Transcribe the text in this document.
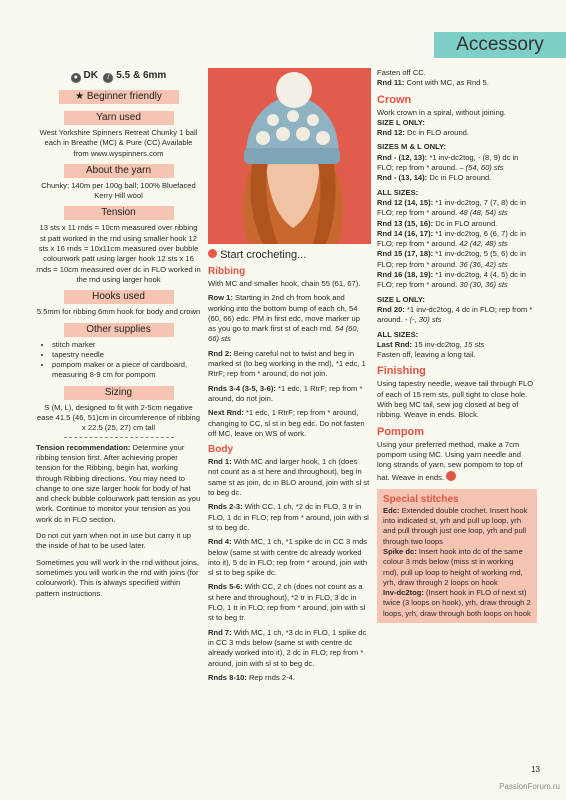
Accessory
● DK / 5.5 & 6mm
★ Beginner friendly
Yarn used
West Yorkshire Spinners Retreat Chunky 1 ball each in Breathe (MC) & Pure (CC) Available from www.wyspinners.com
About the yarn
Chunky; 140m per 100g ball; 100% Bluefaced Kerry Hill wool
Tension
13 sts x 11 rnds = 10cm measured over ribbing st patt worked in the rnd using smaller hook 12 sts x 16 rnds = 10x11cm measured over bubble colourwork patt using larger hook 12 sts x 16 rnds = 10cm measured over dc in FLO worked in the rnd using larger hook
Hooks used
5.5mm for ribbing 6mm hook for body and crown
Other supplies
• stitch marker
• tapestry needle
• pompom maker or a piece of cardboard, measuring 8-9 cm for pompom
Sizing
S (M, L), designed to fit with 2-5cm negative ease 41.5 (46, 51)cm in circumference of ribbing x 22.5 (25, 27) cm tall

Tension recommendation: Determine your ribbing tension first. After achieving proper tension for the Ribbing, begin hat, working through Ribbing directions. You may need to change to one size larger hook for body of hat and check bubble colourwork patt tension as you work. Continue to monitor your tension as you work dc in FLO section.

Do not cut yarn when not in use but carry it up the inside of hat to be used later.

Sometimes you will work in the rnd without joins, sometimes you will work in the rnd with joins (for colourwork). This is always specified within pattern instructions.

Start crocheting...
Ribbing
With MC and smaller hook, chain 55 (61, 67).
Row 1: Starting in 2nd ch from hook and working into the bottom bump of each ch, 54 (60, 66) edc. PM in first edc, move marker up as you go to mark first st of each rnd. 54 (60, 66) sts
Rnd 2: Being careful not to twist and beg in marked st (to beg working in the rnd), *1 edc, 1 RtrF; rep from * around, do not join.
Rnds 3-4 (3-5, 3-6): *1 edc, 1 RtrF; rep from * around, do not join.
Next Rnd: *1 edc, 1 RtrF; rep from * around, changing to CC, sl st in beg edc. Do not fasten off MC, leave on WS of work.
Body
Rnd 1: With MC and larger hook, 1 ch (does not count as a st here and throughout), beg in same st as join, dc in BLO around, join with sl st to beg dc.
Rnds 2-3: With CC, 1 ch, *2 dc in FLO, 3 tr in FLO, 1 dc in FLO; rep from * around, join with sl st to beg dc.
Rnd 4: With MC, 1 ch, *1 spike dc in CC 3 rnds below (same st with centre dc already worked into it), 5 dc in FLO; rep from * around, join with sl st to beg spike dc.
Rnds 5-6: With CC, 2 ch (does not count as a st here and throughout), *2 tr in FLO, 3 dc in FLO, 1 tr in FLO; rep from * around, join with sl st to beg tr.
Rnd 7: With MC, 1 ch, *3 dc in FLO, 1 spike dc in CC 3 rnds below (same st with centre dc already worked into it), 2 dc in FLO; rep from * around, join with sl st to beg dc.
Rnds 8-10: Rep rnds 2-4.
Fasten off CC.
Rnd 11: Cont with MC, as Rnd 5.
Crown
Work crown in a spiral, without joining.
SIZE L ONLY:
Rnd 12: Dc in FLO around.
SIZES M & L ONLY:
Rnd - (12, 13): *1 inv-dc2tog, - (8, 9) dc in FLO; rep from * around. – (54, 60) sts
Rnd - (13, 14): Dc in FLO around.
ALL SIZES:
Rnd 12 (14, 15): *1 inv-dc2tog, 7 (7, 8) dc in FLO; rep from * around. 48 (48, 54) sts
Rnd 13 (15, 16): Dc in FLO around.
Rnd 14 (16, 17): *1 inv-dc2tog, 6 (6, 7) dc in FLO; rep from * around. 42 (42, 48) sts
Rnd 15 (17, 18): *1 inv-dc2tog, 5 (5, 6) dc in FLO; rep from * around. 36 (36, 42) sts
Rnd 16 (18, 19): *1 inv-dc2tog, 4 (4, 5) dc in FLO; rep from * around. 30 (30, 36) sts
SIZE L ONLY:
Rnd 20: *1 inv-dc2tog, 4 dc in FLO; rep from * around. - (-, 30) sts
ALL SIZES:
Last Rnd: 15 inv-dc2tog, 15 sts
Fasten off, leaving a long tail.
Finishing
Using tapestry needle, weave tail through FLO of each of 15 rem sts, pull tight to close hole. With beg MC tail, sew jog closed at beg of ribbing. Weave in ends. Block.
Pompom
Using your preferred method, make a 7cm pompom using MC. Using yarn needle and long strands of yarn, sew pompom to top of hat. Weave in ends.
Special stitches
Edc: Extended double crochet. Insert hook into indicated st, yrh and pull up loop, yrh and pull through just one loop, yrh and pull through two loops
Spike dc: Insert hook into dc of the same colour 3 rnds below (miss st in working rnd), pull up loop to height of working rnd, yrh, draw through 2 loops on hook
Inv-dc2tog: (Insert hook in FLO of next st) twice (3 loops on hook), yrh, draw through 2 loops, yrh, draw through both loops on hook
13
PassionForum.ru
